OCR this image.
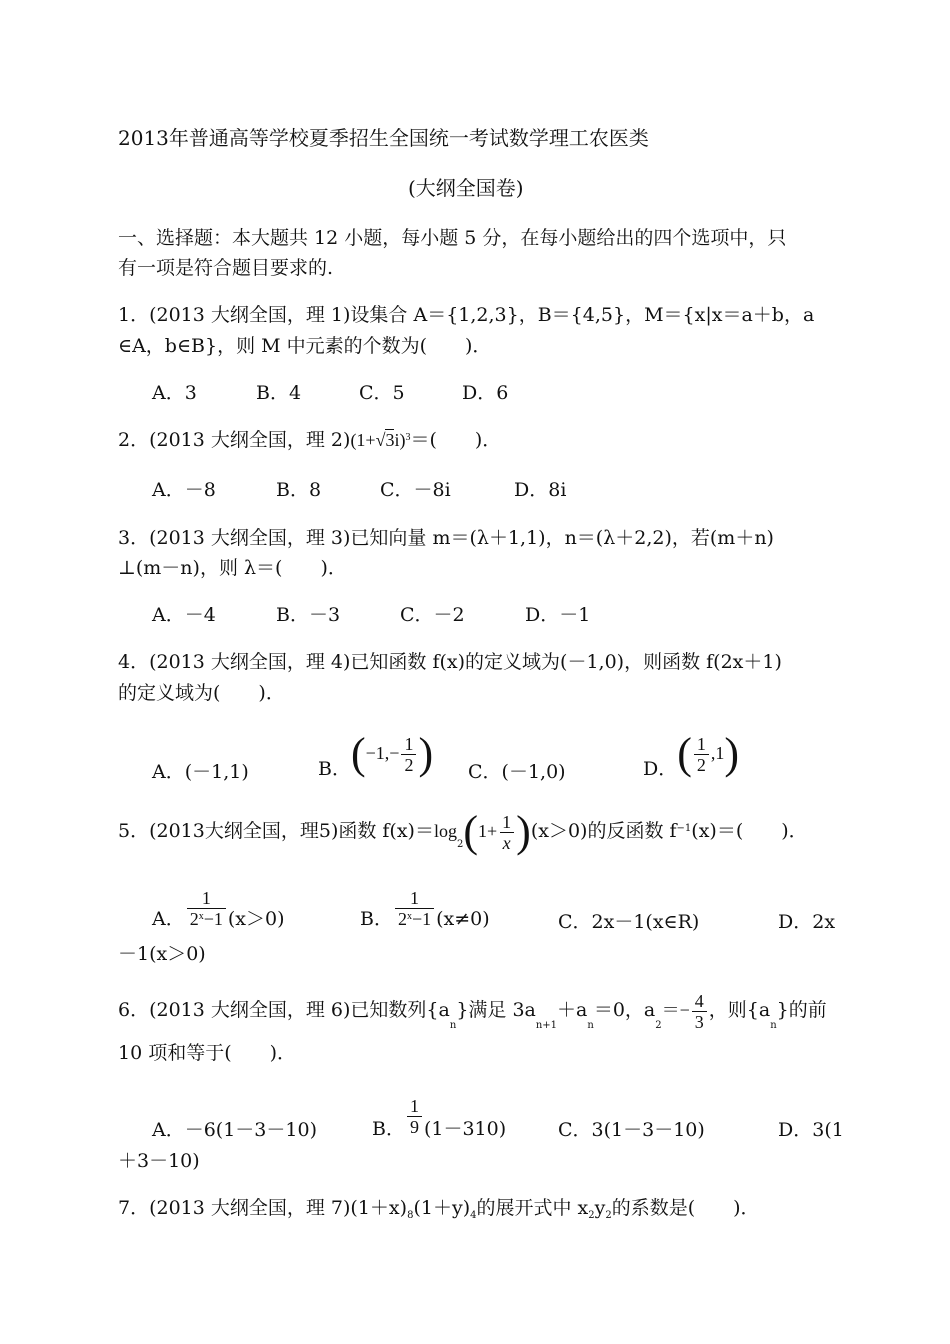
2013年普通高等学校夏季招生全国统一考试数学理工农医类
(大纲全国卷)
一、选择题：本大题共 12 小题，每小题 5 分，在每小题给出的四个选项中，只
有一项是符合题目要求的.
1．(2013 大纲全国，理 1)设集合 A＝{1,2,3}，B＝{4,5}，M＝{x|x＝a＋b，a
∈A，b∈B}，则 M 中元素的个数为(　　)．
A．3	B．4	C．5	D．6
2．(2013 大纲全国，理 $2)(1+√3i)^3=$(　　)．
A．－8	B．8	C．－8i	D．8i
3．(2013 大纲全国，理 3)已知向量 m＝(λ＋1,1)，n＝(λ＋2,2)，若(m＋n)
⊥(m－n)，则 λ＝(　　)．
A．－4	B．－3	C．－2	D．－1
4．(2013 大纲全国，理 4)已知函数 f(x)的定义域为(－1,0)，则函数 f(2x＋1)
的定义域为(　　)．
A．(－1,1)	B．($-1,- \frac{1}{2}$ ) C．(－1,0)	D．( $\frac{1}{2} ,1$)
5．(2013大纲全国，理5)函数 $f(x)=\log_2(1+ \frac{1}{x} )(x>0)$的反函数 $f^{-1}(x)=$(　　)．
A． $\frac{1}{2^x-1} (x>0)$	B． $\frac{1}{2^x-1} (x\ne 0)$	C．2x－1(x∈R)	D．2x
－1(x＞0)
6．(2013 大纲全国，理 6)已知数列$\{a_n\}$满足 $3a_{n+1}+a_n=0$，$a_2=- \frac{4}{3}$ ，则$\{a_n\}$的前
10 项和等于(　　)．
A．－6(1－3－10)	B． $\frac{1}{9} (1-310)$	C．3(1－3－10)	D．3(1
＋3－10)
7．(2013 大纲全国，理 $7)(1+x)_8(1+y)_4$的展开式中 $x_2y_2$的系数是(　　)．
